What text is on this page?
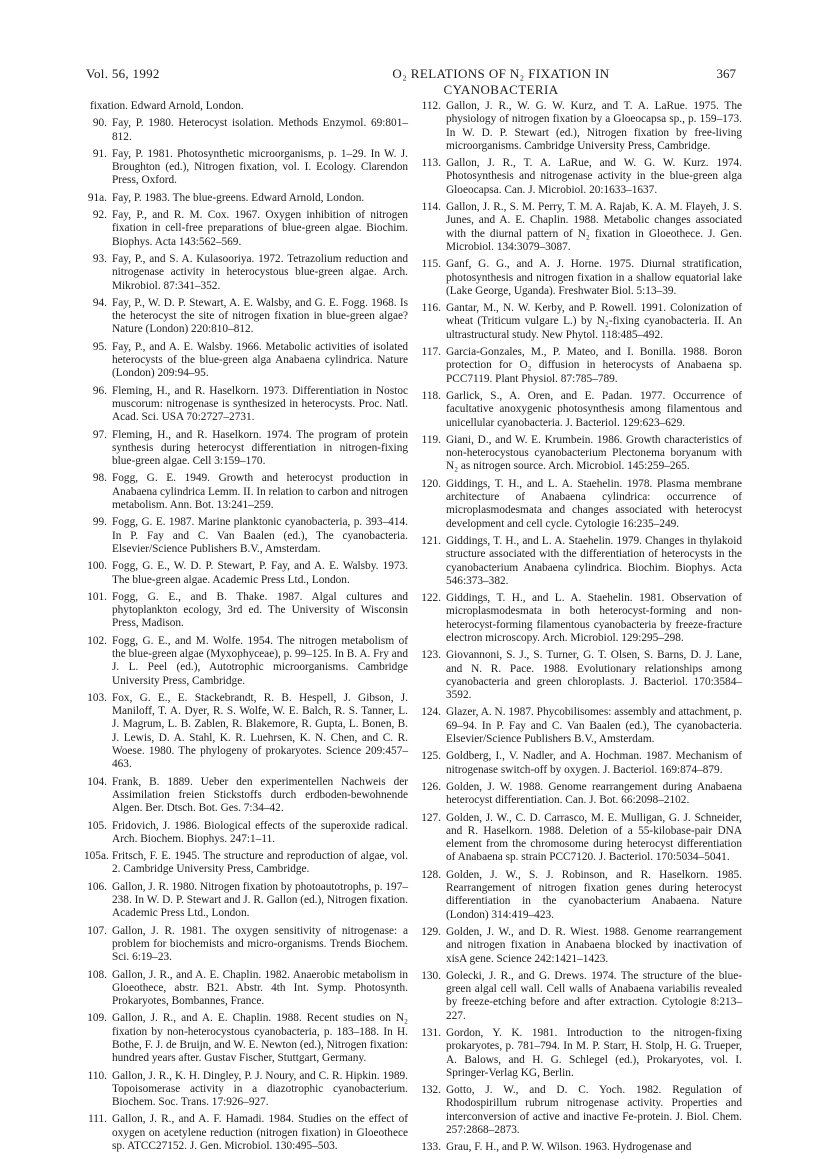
Vol. 56, 1992	O₂ RELATIONS OF N₂ FIXATION IN CYANOBACTERIA
367
fixation. Edward Arnold, London.
90. Fay, P. 1980. Heterocyst isolation. Methods Enzymol. 69:801–812.
91. Fay, P. 1981. Photosynthetic microorganisms, p. 1–29. In W. J. Broughton (ed.), Nitrogen fixation, vol. I. Ecology. Clarendon Press, Oxford.
91a. Fay, P. 1983. The blue-greens. Edward Arnold, London.
92. Fay, P., and R. M. Cox. 1967. Oxygen inhibition of nitrogen fixation in cell-free preparations of blue-green algae. Biochim. Biophys. Acta 143:562–569.
93. Fay, P., and S. A. Kulasooriya. 1972. Tetrazolium reduction and nitrogenase activity in heterocystous blue-green algae. Arch. Mikrobiol. 87:341–352.
94. Fay, P., W. D. P. Stewart, A. E. Walsby, and G. E. Fogg. 1968. Is the heterocyst the site of nitrogen fixation in blue-green algae? Nature (London) 220:810–812.
95. Fay, P., and A. E. Walsby. 1966. Metabolic activities of isolated heterocysts of the blue-green alga Anabaena cylindrica. Nature (London) 209:94–95.
96. Fleming, H., and R. Haselkorn. 1973. Differentiation in Nostoc muscorum: nitrogenase is synthesized in heterocysts. Proc. Natl. Acad. Sci. USA 70:2727–2731.
97. Fleming, H., and R. Haselkorn. 1974. The program of protein synthesis during heterocyst differentiation in nitrogen-fixing blue-green algae. Cell 3:159–170.
98. Fogg, G. E. 1949. Growth and heterocyst production in Anabaena cylindrica Lemm. II. In relation to carbon and nitrogen metabolism. Ann. Bot. 13:241–259.
99. Fogg, G. E. 1987. Marine planktonic cyanobacteria, p. 393–414. In P. Fay and C. Van Baalen (ed.), The cyanobacteria. Elsevier/Science Publishers B.V., Amsterdam.
100. Fogg, G. E., W. D. P. Stewart, P. Fay, and A. E. Walsby. 1973. The blue-green algae. Academic Press Ltd., London.
101. Fogg, G. E., and B. Thake. 1987. Algal cultures and phytoplankton ecology, 3rd ed. The University of Wisconsin Press, Madison.
102. Fogg, G. E., and M. Wolfe. 1954. The nitrogen metabolism of the blue-green algae (Myxophyceae), p. 99–125. In B. A. Fry and J. L. Peel (ed.), Autotrophic microorganisms. Cambridge University Press, Cambridge.
103. Fox, G. E., E. Stackebrandt, R. B. Hespell, J. Gibson, J. Maniloff, T. A. Dyer, R. S. Wolfe, W. E. Balch, R. S. Tanner, L. J. Magrum, L. B. Zablen, R. Blakemore, R. Gupta, L. Bonen, B. J. Lewis, D. A. Stahl, K. R. Luehrsen, K. N. Chen, and C. R. Woese. 1980. The phylogeny of prokaryotes. Science 209:457–463.
104. Frank, B. 1889. Ueber den experimentellen Nachweis der Assimilation freien Stickstoffs durch erdboden-bewohnende Algen. Ber. Dtsch. Bot. Ges. 7:34–42.
105. Fridovich, J. 1986. Biological effects of the superoxide radical. Arch. Biochem. Biophys. 247:1–11.
105a. Fritsch, F. E. 1945. The structure and reproduction of algae, vol. 2. Cambridge University Press, Cambridge.
106. Gallon, J. R. 1980. Nitrogen fixation by photoautotrophs, p. 197–238. In W. D. P. Stewart and J. R. Gallon (ed.), Nitrogen fixation. Academic Press Ltd., London.
107. Gallon, J. R. 1981. The oxygen sensitivity of nitrogenase: a problem for biochemists and micro-organisms. Trends Biochem. Sci. 6:19–23.
108. Gallon, J. R., and A. E. Chaplin. 1982. Anaerobic metabolism in Gloeothece, abstr. B21. Abstr. 4th Int. Symp. Photosynth. Prokaryotes, Bombannes, France.
109. Gallon, J. R., and A. E. Chaplin. 1988. Recent studies on N₂ fixation by non-heterocystous cyanobacteria, p. 183–188. In H. Bothe, F. J. de Bruijn, and W. E. Newton (ed.), Nitrogen fixation: hundred years after. Gustav Fischer, Stuttgart, Germany.
110. Gallon, J. R., K. H. Dingley, P. J. Noury, and C. R. Hipkin. 1989. Topoisomerase activity in a diazotrophic cyanobacterium. Biochem. Soc. Trans. 17:926–927.
111. Gallon, J. R., and A. F. Hamadi. 1984. Studies on the effect of oxygen on acetylene reduction (nitrogen fixation) in Gloeothece sp. ATCC27152. J. Gen. Microbiol. 130:495–503.
112. Gallon, J. R., W. G. W. Kurz, and T. A. LaRue. 1975. The physiology of nitrogen fixation by a Gloeocapsa sp., p. 159–173. In W. D. P. Stewart (ed.), Nitrogen fixation by free-living microorganisms. Cambridge University Press, Cambridge.
113. Gallon, J. R., T. A. LaRue, and W. G. W. Kurz. 1974. Photosynthesis and nitrogenase activity in the blue-green alga Gloeocapsa. Can. J. Microbiol. 20:1633–1637.
114. Gallon, J. R., S. M. Perry, T. M. A. Rajab, K. A. M. Flayeh, J. S. Junes, and A. E. Chaplin. 1988. Metabolic changes associated with the diurnal pattern of N₂ fixation in Gloeothece. J. Gen. Microbiol. 134:3079–3087.
115. Ganf, G. G., and A. J. Horne. 1975. Diurnal stratification, photosynthesis and nitrogen fixation in a shallow equatorial lake (Lake George, Uganda). Freshwater Biol. 5:13–39.
116. Gantar, M., N. W. Kerby, and P. Rowell. 1991. Colonization of wheat (Triticum vulgare L.) by N₂-fixing cyanobacteria. II. An ultrastructural study. New Phytol. 118:485–492.
117. Garcia-Gonzales, M., P. Mateo, and I. Bonilla. 1988. Boron protection for O₂ diffusion in heterocysts of Anabaena sp. PCC7119. Plant Physiol. 87:785–789.
118. Garlick, S., A. Oren, and E. Padan. 1977. Occurrence of facultative anoxygenic photosynthesis among filamentous and unicellular cyanobacteria. J. Bacteriol. 129:623–629.
119. Giani, D., and W. E. Krumbein. 1986. Growth characteristics of non-heterocystous cyanobacterium Plectonema boryanum with N₂ as nitrogen source. Arch. Microbiol. 145:259–265.
120. Giddings, T. H., and L. A. Staehelin. 1978. Plasma membrane architecture of Anabaena cylindrica: occurrence of microplasmodesmata and changes associated with heterocyst development and cell cycle. Cytologie 16:235–249.
121. Giddings, T. H., and L. A. Staehelin. 1979. Changes in thylakoid structure associated with the differentiation of heterocysts in the cyanobacterium Anabaena cylindrica. Biochim. Biophys. Acta 546:373–382.
122. Giddings, T. H., and L. A. Staehelin. 1981. Observation of microplasmodesmata in both heterocyst-forming and non-heterocyst-forming filamentous cyanobacteria by freeze-fracture electron microscopy. Arch. Microbiol. 129:295–298.
123. Giovannoni, S. J., S. Turner, G. T. Olsen, S. Barns, D. J. Lane, and N. R. Pace. 1988. Evolutionary relationships among cyanobacteria and green chloroplasts. J. Bacteriol. 170:3584–3592.
124. Glazer, A. N. 1987. Phycobilisomes: assembly and attachment, p. 69–94. In P. Fay and C. Van Baalen (ed.), The cyanobacteria. Elsevier/Science Publishers B.V., Amsterdam.
125. Goldberg, I., V. Nadler, and A. Hochman. 1987. Mechanism of nitrogenase switch-off by oxygen. J. Bacteriol. 169:874–879.
126. Golden, J. W. 1988. Genome rearrangement during Anabaena heterocyst differentiation. Can. J. Bot. 66:2098–2102.
127. Golden, J. W., C. D. Carrasco, M. E. Mulligan, G. J. Schneider, and R. Haselkorn. 1988. Deletion of a 55-kilobase-pair DNA element from the chromosome during heterocyst differentiation of Anabaena sp. strain PCC7120. J. Bacteriol. 170:5034–5041.
128. Golden, J. W., S. J. Robinson, and R. Haselkorn. 1985. Rearrangement of nitrogen fixation genes during heterocyst differentiation in the cyanobacterium Anabaena. Nature (London) 314:419–423.
129. Golden, J. W., and D. R. Wiest. 1988. Genome rearrangement and nitrogen fixation in Anabaena blocked by inactivation of xisA gene. Science 242:1421–1423.
130. Golecki, J. R., and G. Drews. 1974. The structure of the blue-green algal cell wall. Cell walls of Anabaena variabilis revealed by freeze-etching before and after extraction. Cytologie 8:213–227.
131. Gordon, Y. K. 1981. Introduction to the nitrogen-fixing prokaryotes, p. 781–794. In M. P. Starr, H. Stolp, H. G. Trueper, A. Balows, and H. G. Schlegel (ed.), Prokaryotes, vol. I. Springer-Verlag KG, Berlin.
132. Gotto, J. W., and D. C. Yoch. 1982. Regulation of Rhodospirillum rubrum nitrogenase activity. Properties and interconversion of active and inactive Fe-protein. J. Biol. Chem. 257:2868–2873.
133. Grau, F. H., and P. W. Wilson. 1963. Hydrogenase and
